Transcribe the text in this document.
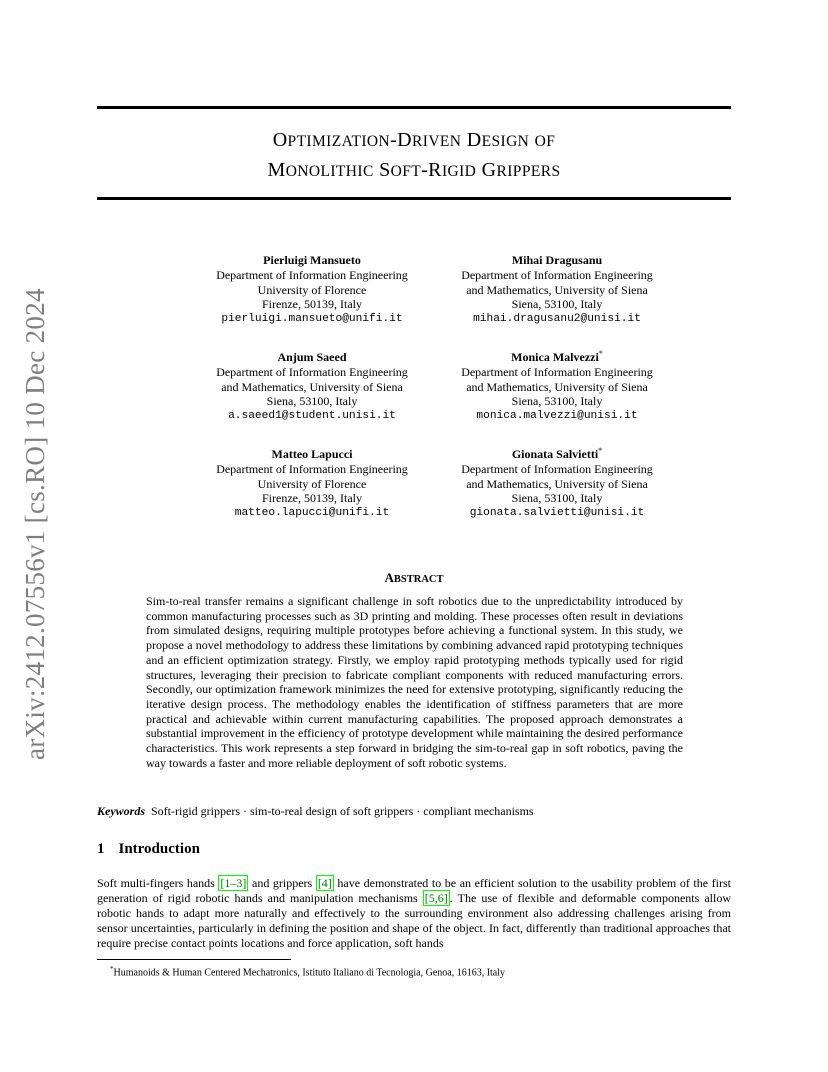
arXiv:2412.07556v1 [cs.RO] 10 Dec 2024
OPTIMIZATION-DRIVEN DESIGN OF
MONOLITHIC SOFT-RIGID GRIPPERS
Pierluigi Mansueto
Department of Information Engineering
University of Florence
Firenze, 50139, Italy
pierluigi.mansueto@unifi.it
Mihai Dragusanu
Department of Information Engineering
and Mathematics, University of Siena
Siena, 53100, Italy
mihai.dragusanu2@unisi.it
Anjum Saeed
Department of Information Engineering
and Mathematics, University of Siena
Siena, 53100, Italy
a.saeed1@student.unisi.it
Monica Malvezzi*
Department of Information Engineering
and Mathematics, University of Siena
Siena, 53100, Italy
monica.malvezzi@unisi.it
Matteo Lapucci
Department of Information Engineering
University of Florence
Firenze, 50139, Italy
matteo.lapucci@unifi.it
Gionata Salvietti*
Department of Information Engineering
and Mathematics, University of Siena
Siena, 53100, Italy
gionata.salvietti@unisi.it
ABSTRACT
Sim-to-real transfer remains a significant challenge in soft robotics due to the unpredictability introduced by common manufacturing processes such as 3D printing and molding. These processes often result in deviations from simulated designs, requiring multiple prototypes before achieving a functional system. In this study, we propose a novel methodology to address these limitations by combining advanced rapid prototyping techniques and an efficient optimization strategy. Firstly, we employ rapid prototyping methods typically used for rigid structures, leveraging their precision to fabricate compliant components with reduced manufacturing errors. Secondly, our optimization framework minimizes the need for extensive prototyping, significantly reducing the iterative design process. The methodology enables the identification of stiffness parameters that are more practical and achievable within current manufacturing capabilities. The proposed approach demonstrates a substantial improvement in the efficiency of prototype development while maintaining the desired performance characteristics. This work represents a step forward in bridging the sim-to-real gap in soft robotics, paving the way towards a faster and more reliable deployment of soft robotic systems.
Keywords Soft-rigid grippers · sim-to-real design of soft grippers · compliant mechanisms
1 Introduction
Soft multi-fingers hands [1–3] and grippers [4] have demonstrated to be an efficient solution to the usability problem of the first generation of rigid robotic hands and manipulation mechanisms [5,6] . The use of flexible and deformable components allow robotic hands to adapt more naturally and effectively to the surrounding environment also addressing challenges arising from sensor uncertainties, particularly in defining the position and shape of the object. In fact, differently than traditional approaches that require precise contact points locations and force application, soft hands
*Humanoids & Human Centered Mechatronics, Istituto Italiano di Tecnologia, Genoa, 16163, Italy
